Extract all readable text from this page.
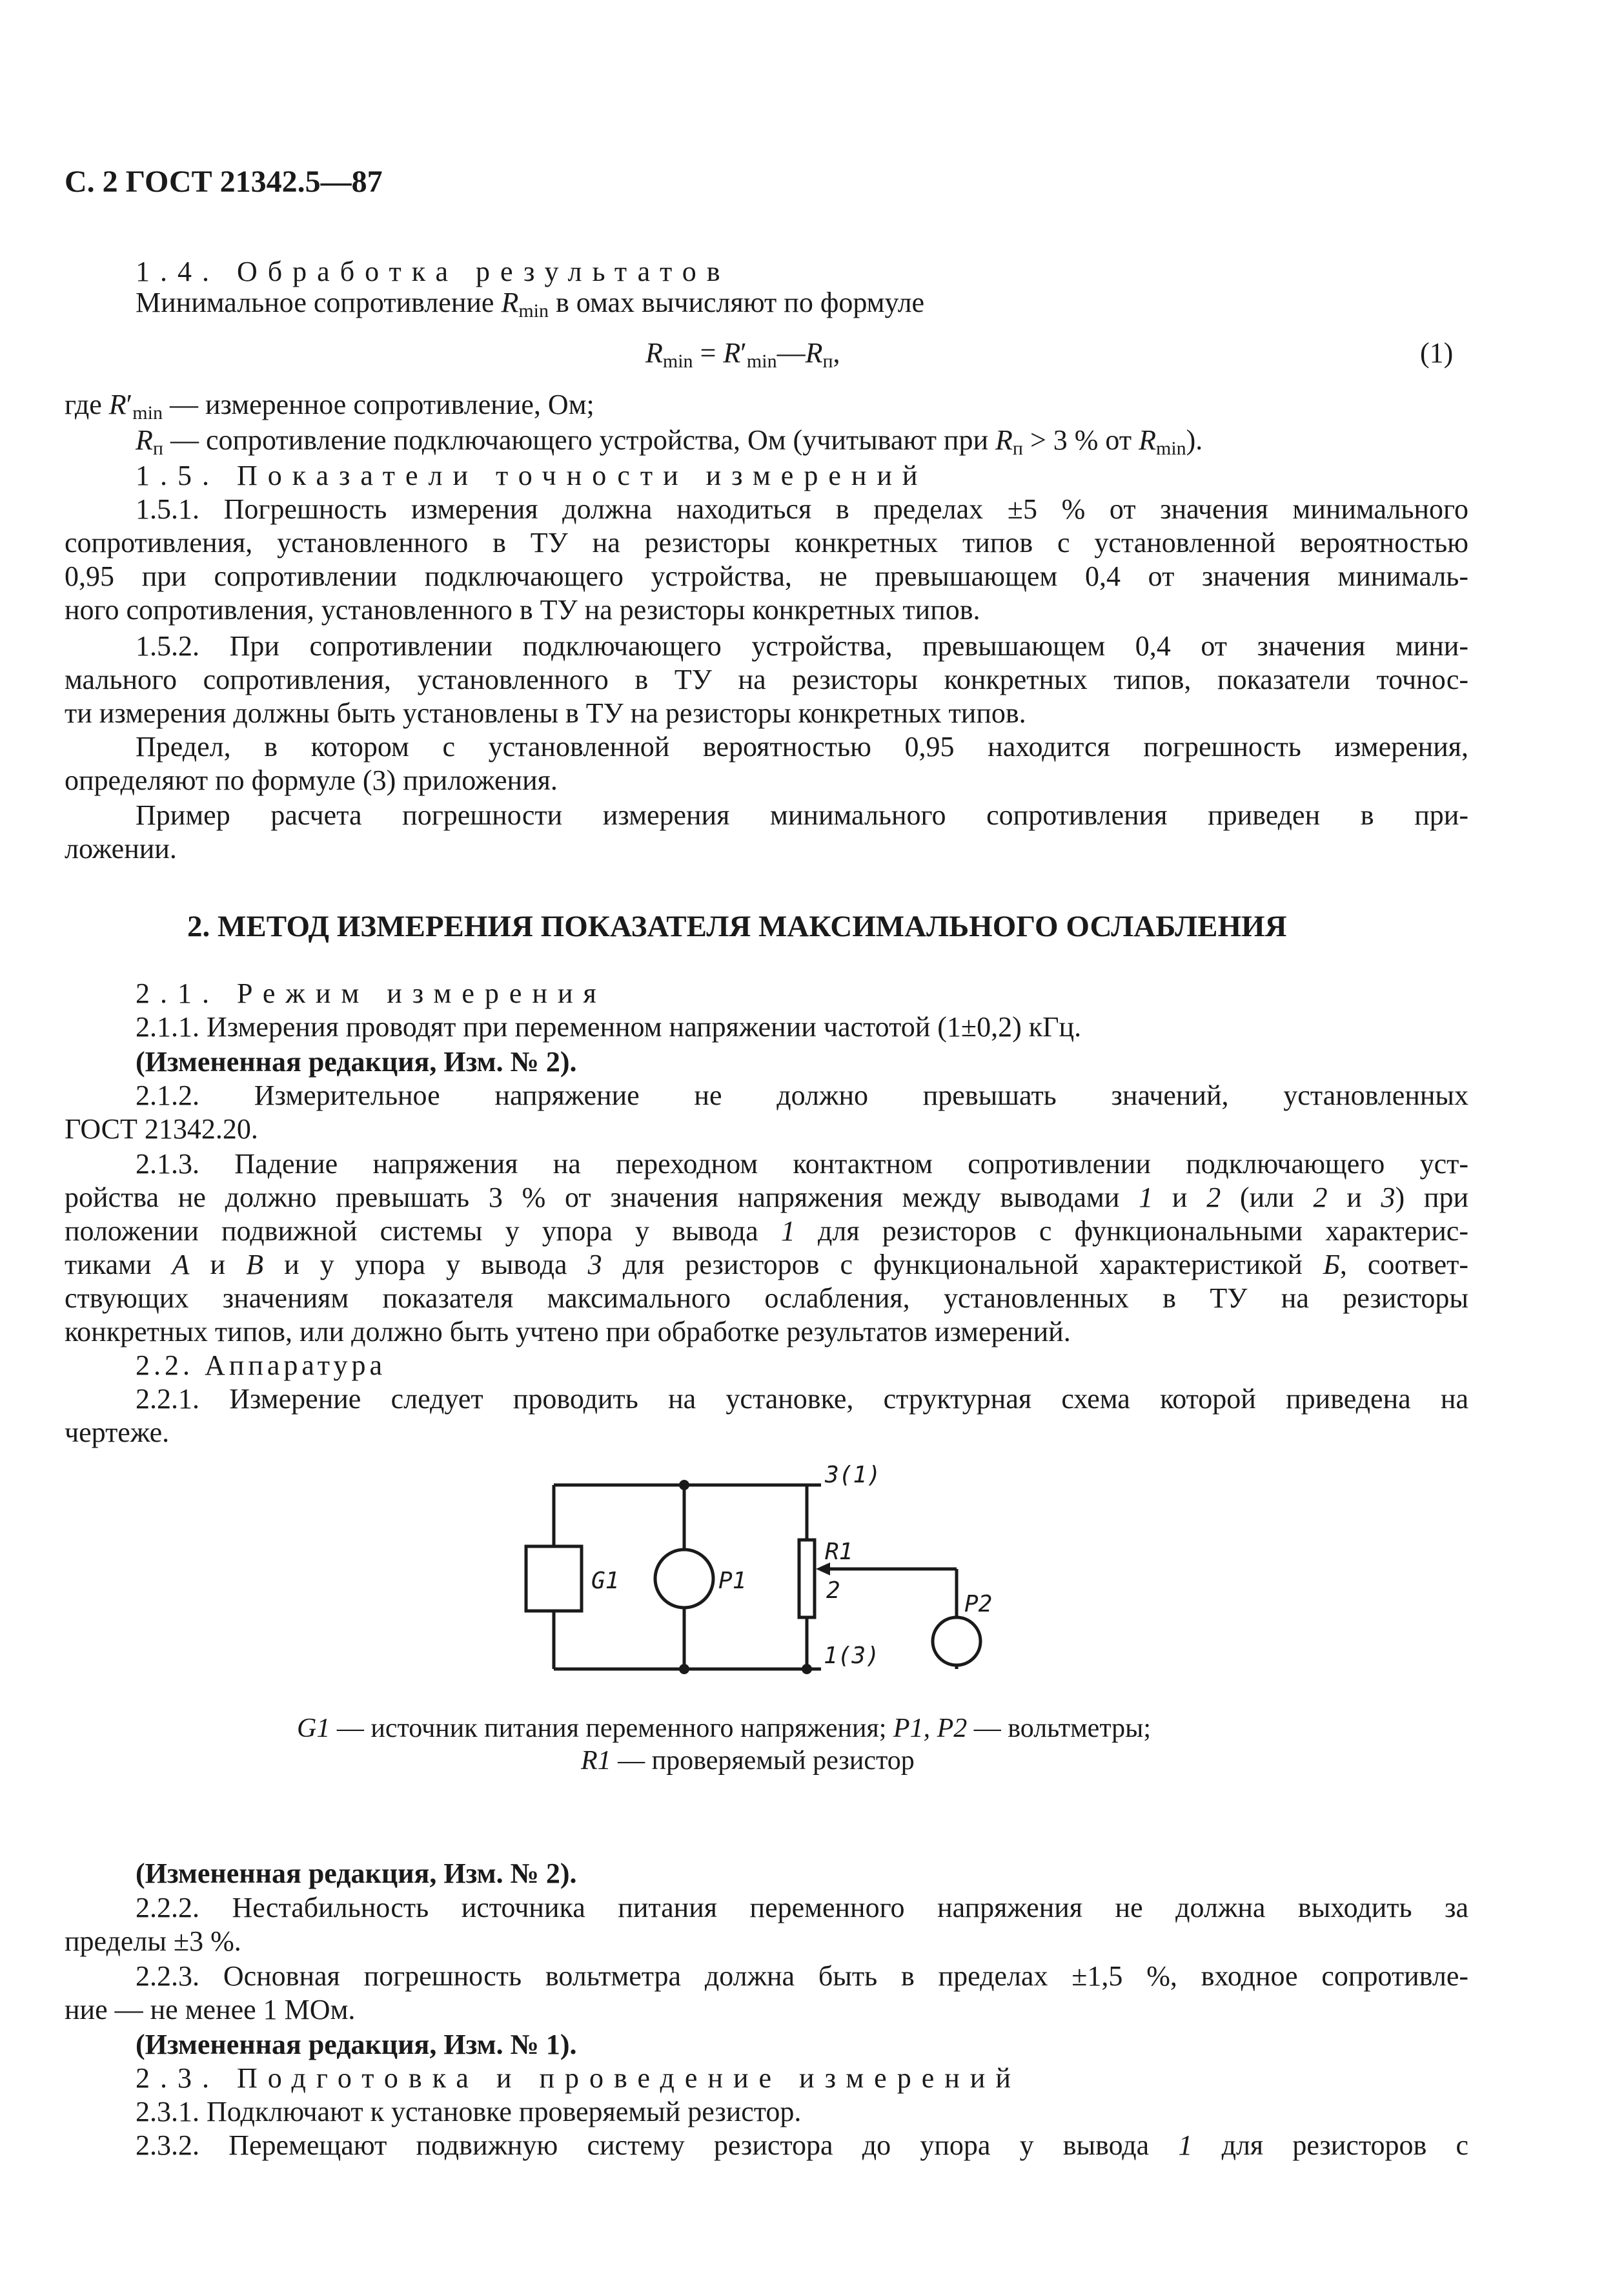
С. 2 ГОСТ 21342.5—87
1.4. Обработка результатов
Минимальное сопротивление $R_{min}$ в омах вычисляют по формуле
$R_{min}$ = $R'_{min}—R_п$,	(1)
где $R'_{min}$ — измеренное сопротивление, Ом;
$R_п$ — сопротивление подключающего устройства, Ом (учитывают при $R_п > 3$ % от $R_{min}$).
1.5. Показатели точности измерений
1.5.1. Погрешность измерения должна находиться в пределах ±5 % от значения минимального
сопротивления, установленного в ТУ на резисторы конкретных типов с установленной вероятностью
0,95 при сопротивлении подключающего устройства, не превышающем 0,4 от значения минималь-
ного сопротивления, установленного в ТУ на резисторы конкретных типов.
1.5.2. При сопротивлении подключающего устройства, превышающем 0,4 от значения мини-
мального сопротивления, установленного в ТУ на резисторы конкретных типов, показатели точнос-
ти измерения должны быть установлены в ТУ на резисторы конкретных типов.
Предел, в котором с установленной вероятностью 0,95 находится погрешность измерения,
определяют по формуле (3) приложения.
Пример расчета погрешности измерения минимального сопротивления приведен в при-
ложении.
2. МЕТОД ИЗМЕРЕНИЯ ПОКАЗАТЕЛЯ МАКСИМАЛЬНОГО ОСЛАБЛЕНИЯ
2.1. Режим измерения
2.1.1. Измерения проводят при переменном напряжении частотой (1±0,2) кГц.
(Измененная редакция, Изм. № 2).
2.1.2. Измерительное напряжение не должно превышать значений, установленных
ГОСТ 21342.20.
2.1.3. Падение напряжения на переходном контактном сопротивлении подключающего уст-
ройства не должно превышать 3 % от значения напряжения между выводами 1 и 2 (или 2 и 3) при
положении подвижной системы у упора у вывода 1 для резисторов с функциональными характерис-
тиками А и В и у упора у вывода 3 для резисторов с функциональной характеристикой Б, соответ-
ствующих значениям показателя максимального ослабления, установленных в ТУ на резисторы
конкретных типов, или должно быть учтено при обработке результатов измерений.
2.2. Аппаратура
2.2.1. Измерение следует проводить на установке, структурная схема которой приведена на
чертеже.
G1	P1
R1
2
P2
3(1)
1(3)
G1 — источник питания переменного напряжения; P1, P2 — вольтметры;
R1 — проверяемый резистор
(Измененная редакция, Изм. № 2).
2.2.2. Нестабильность источника питания переменного напряжения не должна выходить за
пределы ±3 %.
2.2.3. Основная погрешность вольтметра должна быть в пределах ±1,5 %, входное сопротивле-
ние — не менее 1 МОм.
(Измененная редакция, Изм. № 1).
2.3. Подготовка и проведение измерений
2.3.1. Подключают к установке проверяемый резистор.
2.3.2. Перемещают подвижную систему резистора до упора у вывода 1 для резисторов с
